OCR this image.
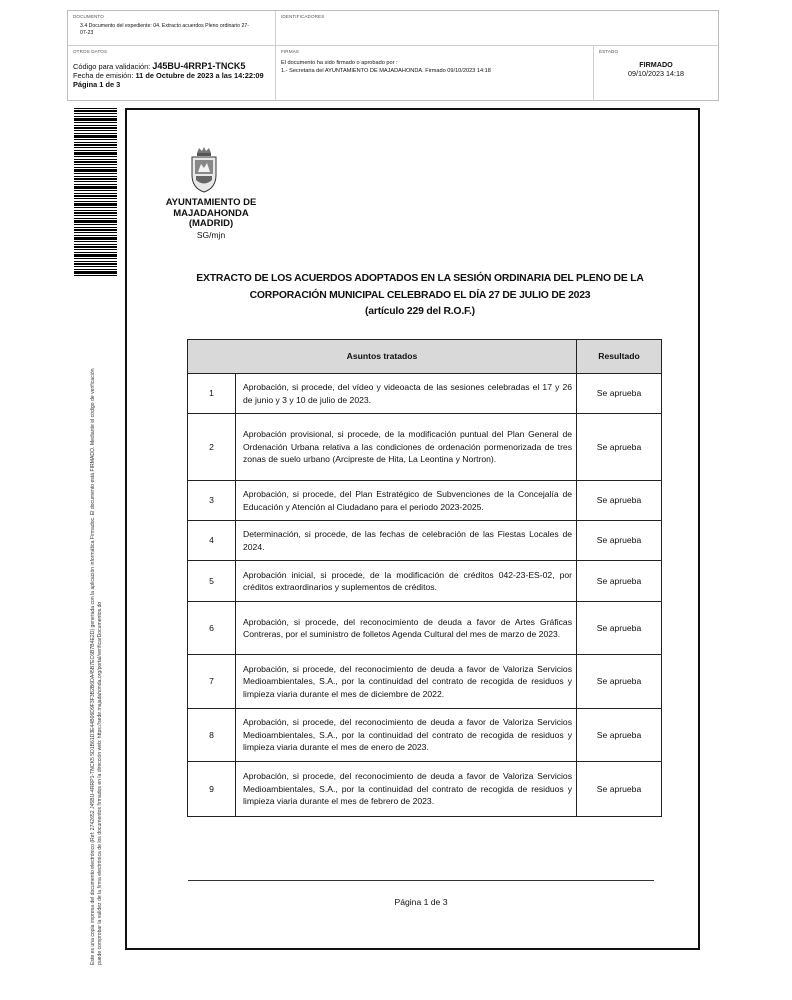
DOCUMENTO
3.4 Documento del expediente: 04. Extracto acuerdos Pleno ordinario 27-07-23
IDENTIFICADORES
OTROS DATOS
Código para validación: J45BU-4RRP1-TNCK5
Fecha de emisión: 11 de Octubre de 2023 a las 14:22:09
Página 1 de 3
FIRMAS
El documento ha sido firmado o aprobado por :
1.- Secretaria del AYUNTAMIENTO DE MAJADAHONDA. Firmado 09/10/2023 14:18
ESTADO
FIRMADO
09/10/2023 14:18
Este es una copia impresa del documento electrónico (Ref: 2742652 J45BU-4RRP1-TNCK5 5D1B61D3E44B06D9F3F3B2B6DA45B7EC6B7B4E2D) generada con la aplicación informática Firmadoc. El documento está FIRMADO. Mediante el código de verificación puede comprobar la validez de la firma electrónica de los documentos firmados en la dirección web: https://sede.majadahonda.org/portal/verificarDocumentos.do
AYUNTAMIENTO DE
MAJADAHONDA
(MADRID)
SG/mjn
EXTRACTO DE LOS ACUERDOS ADOPTADOS EN LA SESIÓN ORDINARIA DEL PLENO DE LA
CORPORACIÓN MUNICIPAL CELEBRADO EL DÍA 27 DE JULIO DE 2023
(artículo 229 del R.O.F.)
Asuntos tratados		Resultado
1	Aprobación, si procede, del vídeo y videoacta de las sesiones celebradas el 17 y 26 de junio y 3 y 10 de julio de 2023.	Se aprueba
2	Aprobación provisional, si procede, de la modificación puntual del Plan General de Ordenación Urbana relativa a las condiciones de ordenación pormenorizada de tres zonas de suelo urbano (Arcipreste de Hita, La Leontina y Nortron).	Se aprueba
3	Aprobación, si procede, del Plan Estratégico de Subvenciones de la Concejalía de Educación y Atención al Ciudadano para el periodo 2023-2025.	Se aprueba
4	Determinación, si procede, de las fechas de celebración de las Fiestas Locales de 2024.	Se aprueba
5	Aprobación inicial, si procede, de la modificación de créditos 042-23-ES-02, por créditos extraordinarios y suplementos de créditos.	Se aprueba
6	Aprobación, si procede, del reconocimiento de deuda a favor de Artes Gráficas Contreras, por el suministro de folletos Agenda Cultural del mes de marzo de 2023.	Se aprueba
7	Aprobación, si procede, del reconocimiento de deuda a favor de Valoriza Servicios Medioambientales, S.A., por la continuidad del contrato de recogida de residuos y limpieza viaria durante el mes de diciembre de 2022.	Se aprueba
8	Aprobación, si procede, del reconocimiento de deuda a favor de Valoriza Servicios Medioambientales, S.A., por la continuidad del contrato de recogida de residuos y limpieza viaria durante el mes de enero de 2023.	Se aprueba
9	Aprobación, si procede, del reconocimiento de deuda a favor de Valoriza Servicios Medioambientales, S.A., por la continuidad del contrato de recogida de residuos y limpieza viaria durante el mes de febrero de 2023.	Se aprueba
Página 1 de 3
